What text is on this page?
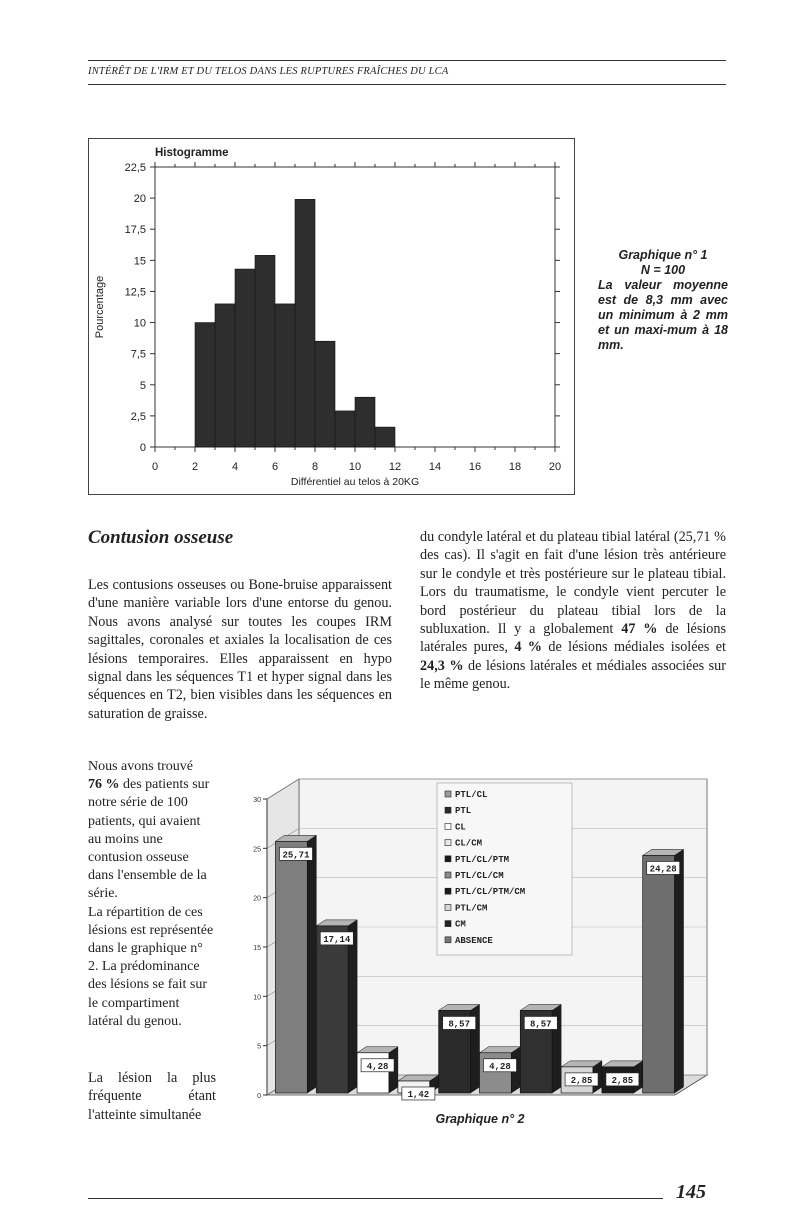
INTÉRÊT DE L'IRM ET DU TELOS DANS LES RUPTURES FRAÎCHES DU LCA
Histogramme
0
2,5
5
7,5
10
12,5
15
17,5
20
22,5
0	2	4	6	8	10	12	14	16	18	20
Différentiel au telos à 20KG
Pourcentage
Graphique n° 1
N = 100
La valeur moyenne est de 8,3 mm avec un minimum à 2 mm et un maxi-mum à 18 mm.
Contusion osseuse
Les contusions osseuses ou Bone-bruise apparaissent d'une manière variable lors d'une entorse du genou. Nous avons analysé sur toutes les coupes IRM sagittales, coronales et axiales la localisation de ces lésions temporaires. Elles apparaissent en hypo signal dans les séquences T1 et hyper signal dans les séquences en T2, bien visibles dans les séquences en saturation de graisse.
du condyle latéral et du plateau tibial latéral (25,71 % des cas). Il s'agit en fait d'une lésion très antérieure sur le condyle et très postérieure sur le plateau tibial. Lors du traumatisme, le condyle vient percuter le bord postérieur du plateau tibial lors de la subluxation. Il y a globalement 47 % de lésions latérales pures, 4 % de lésions médiales isolées et 24,3 % de lésions latérales et médiales associées sur le même genou.
Nous avons trouvé
76 % des patients sur notre série de 100 patients, qui avaient au moins une contusion osseuse dans l'ensemble de la série.
La répartition de ces lésions est représentée dans le graphique n° 2. La prédominance des lésions se fait sur le compartiment latéral du genou.
La lésion la plus fréquente étant l'atteinte simultanée
0
5
10
15
20
25
30
PTL/CL
PTL
CL
CL/CM
PTL/CL/PTM
PTL/CL/CM
PTL/CL/PTM/CM
PTL/CM
CM
ABSENCE
25,71
17,14
4,28
1,42
8,57
4,28
8,57
2,85 2,85
24,28
Graphique n° 2
145
